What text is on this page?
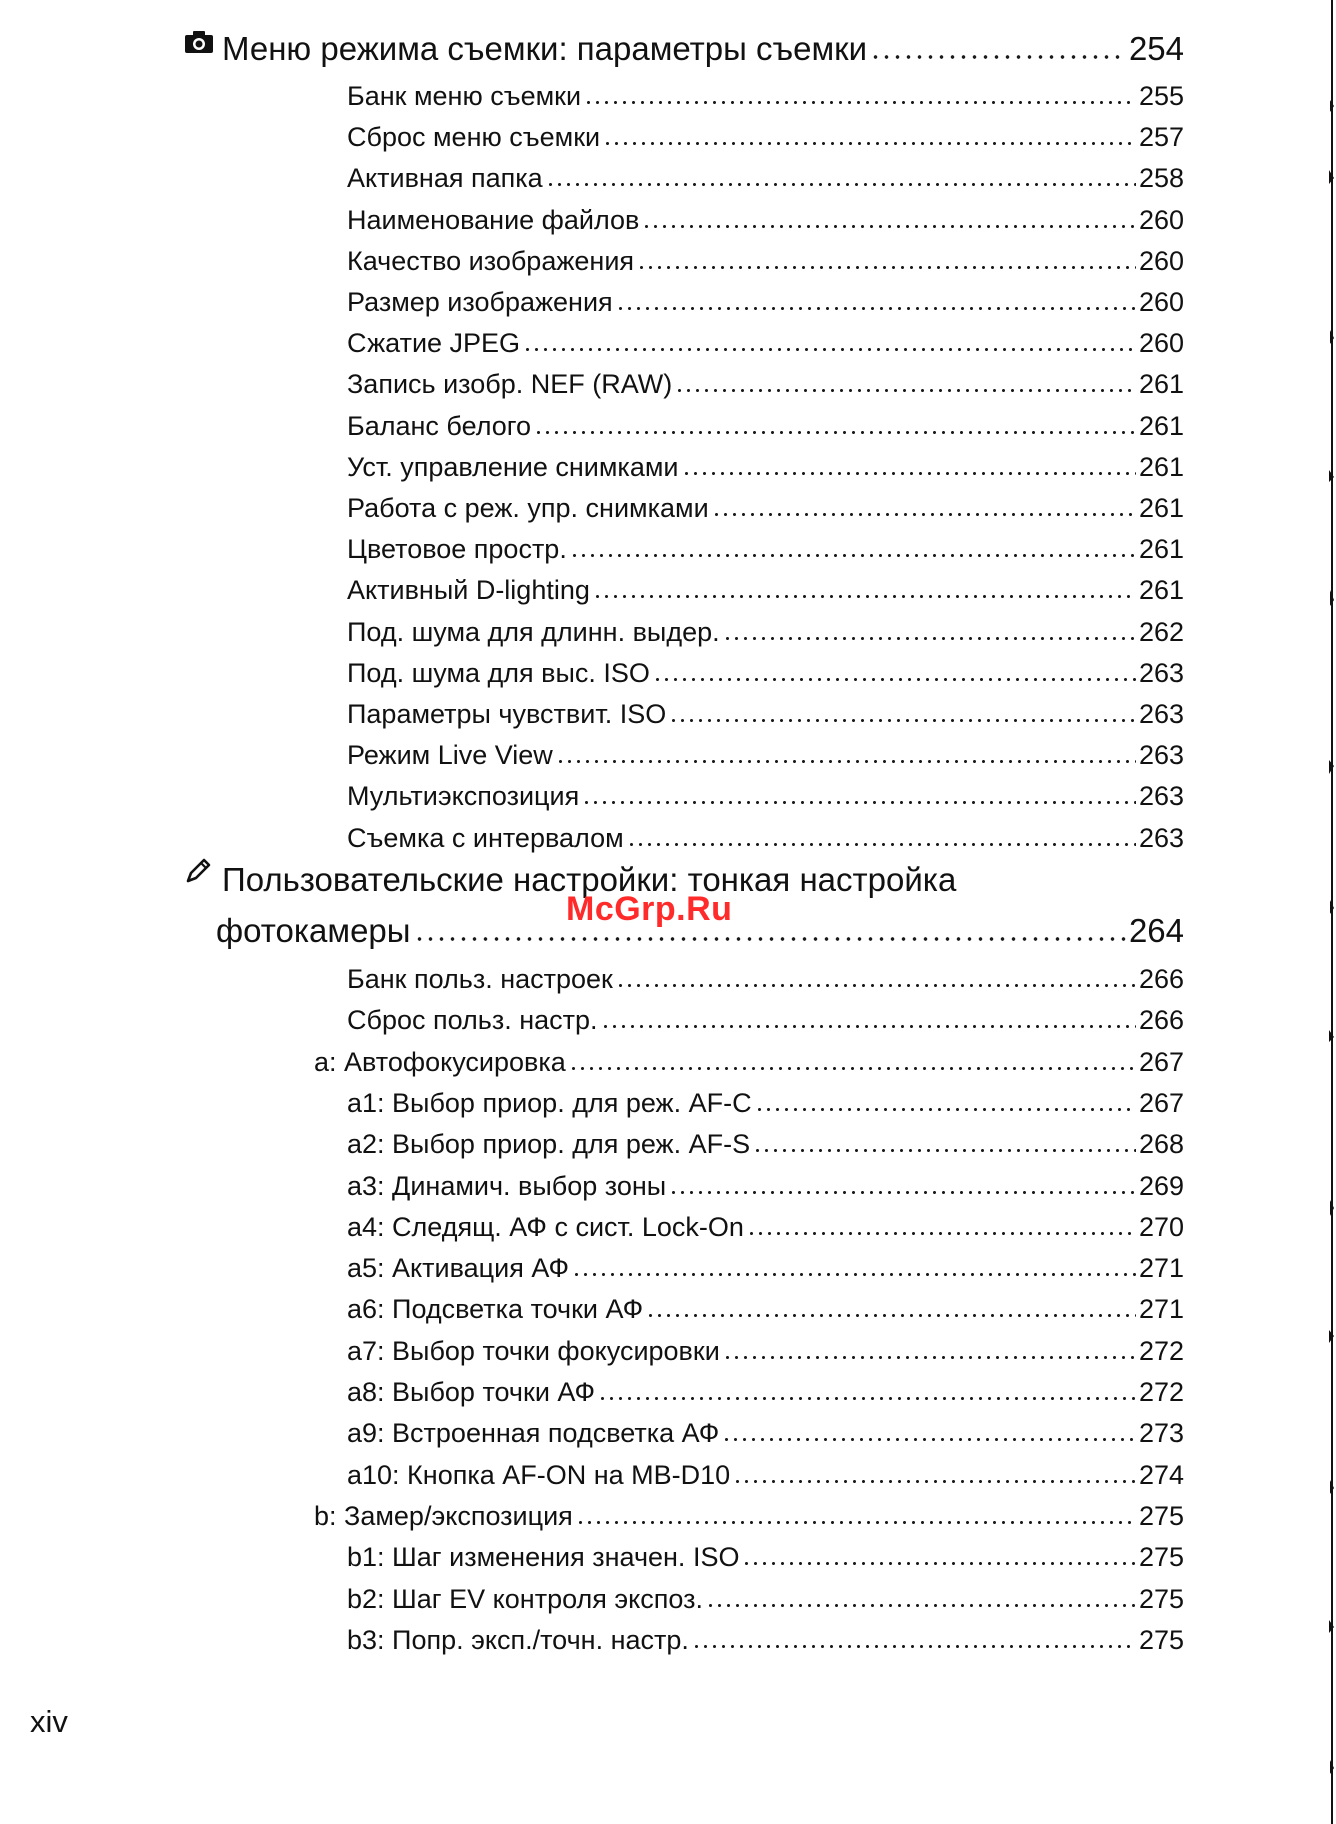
Меню режима съемки: параметры съемки	254
Банк меню съемки	255
Сброс меню съемки	257
Активная папка	258
Наименование файлов	260
Качество изображения	260
Размер изображения	260
Сжатие JPEG	260
Запись изобр. NEF (RAW)	261
Баланс белого	261
Уст. управление снимками	261
Работа с реж. упр. снимками	261
Цветовое простр.	261
Активный D-lighting	261
Под. шума для длинн. выдер.	262
Под. шума для выс. ISO	263
Параметры чувствит. ISO	263
Режим Live View	263
Мультиэкспозиция	263
Съемка с интервалом	263
Пользовательские настройки: тонкая настройка
фотокамеры	264
Банк польз. настроек	266
Сброс польз. настр.	266
a: Автофокусировка	267
a1: Выбор приор. для реж. AF-C	267
a2: Выбор приор. для реж. AF-S	268
a3: Динамич. выбор зоны	269
a4: Следящ. АФ с сист. Lock-On	270
a5: Активация АФ	271
a6: Подсветка точки АФ	271
a7: Выбор точки фокусировки	272
a8: Выбор точки АФ	272
a9: Встроенная подсветка АФ	273
a10: Кнопка AF-ON на MB-D10	274
b: Замер/экспозиция	275
b1: Шаг изменения значен. ISO	275
b2: Шаг EV контроля экспоз.	275
b3: Попр. эксп./точн. настр.	275
McGrp.Ru
xiv
